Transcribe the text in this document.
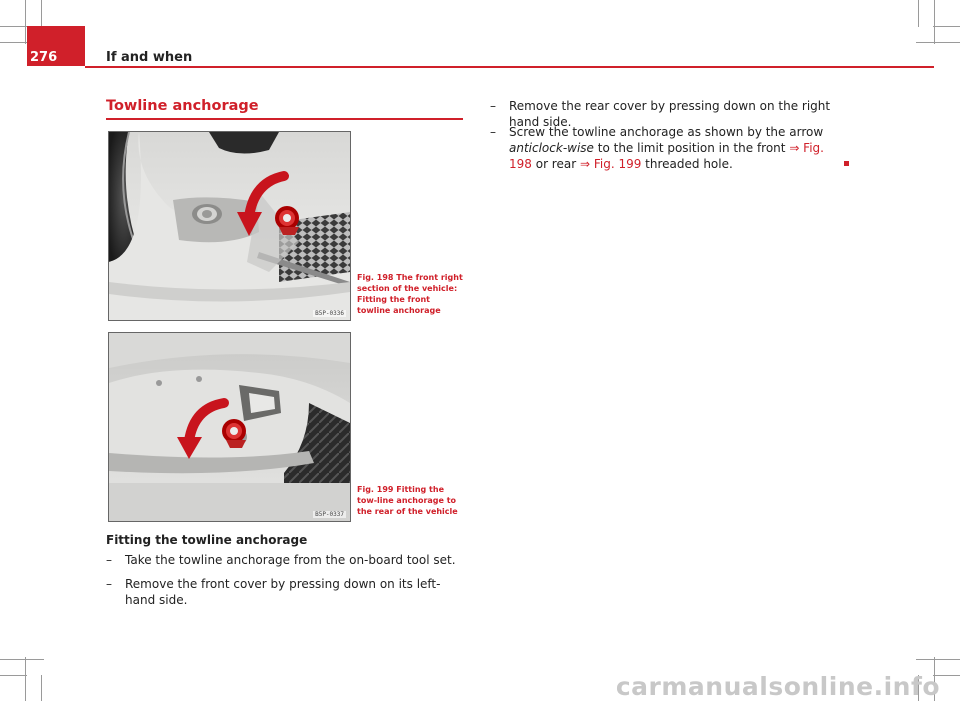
276	If and when
Towline anchorage
B5P-0336
Fig. 198 The front right section of the vehicle: Fitting the front towline anchorage
B5P-0337
Fig. 199 Fitting the tow-line anchorage to the rear of the vehicle
Fitting the towline anchorage
– Take the towline anchorage from the on-board tool set.
– Remove the front cover by pressing down on its left-hand side.
– Remove the rear cover by pressing down on the right hand side.
– Screw the towline anchorage as shown by the arrow anticlock-wise to the limit position in the front ⇒ Fig. 198 or rear ⇒ Fig. 199 threaded hole.
carmanualsonline.info
